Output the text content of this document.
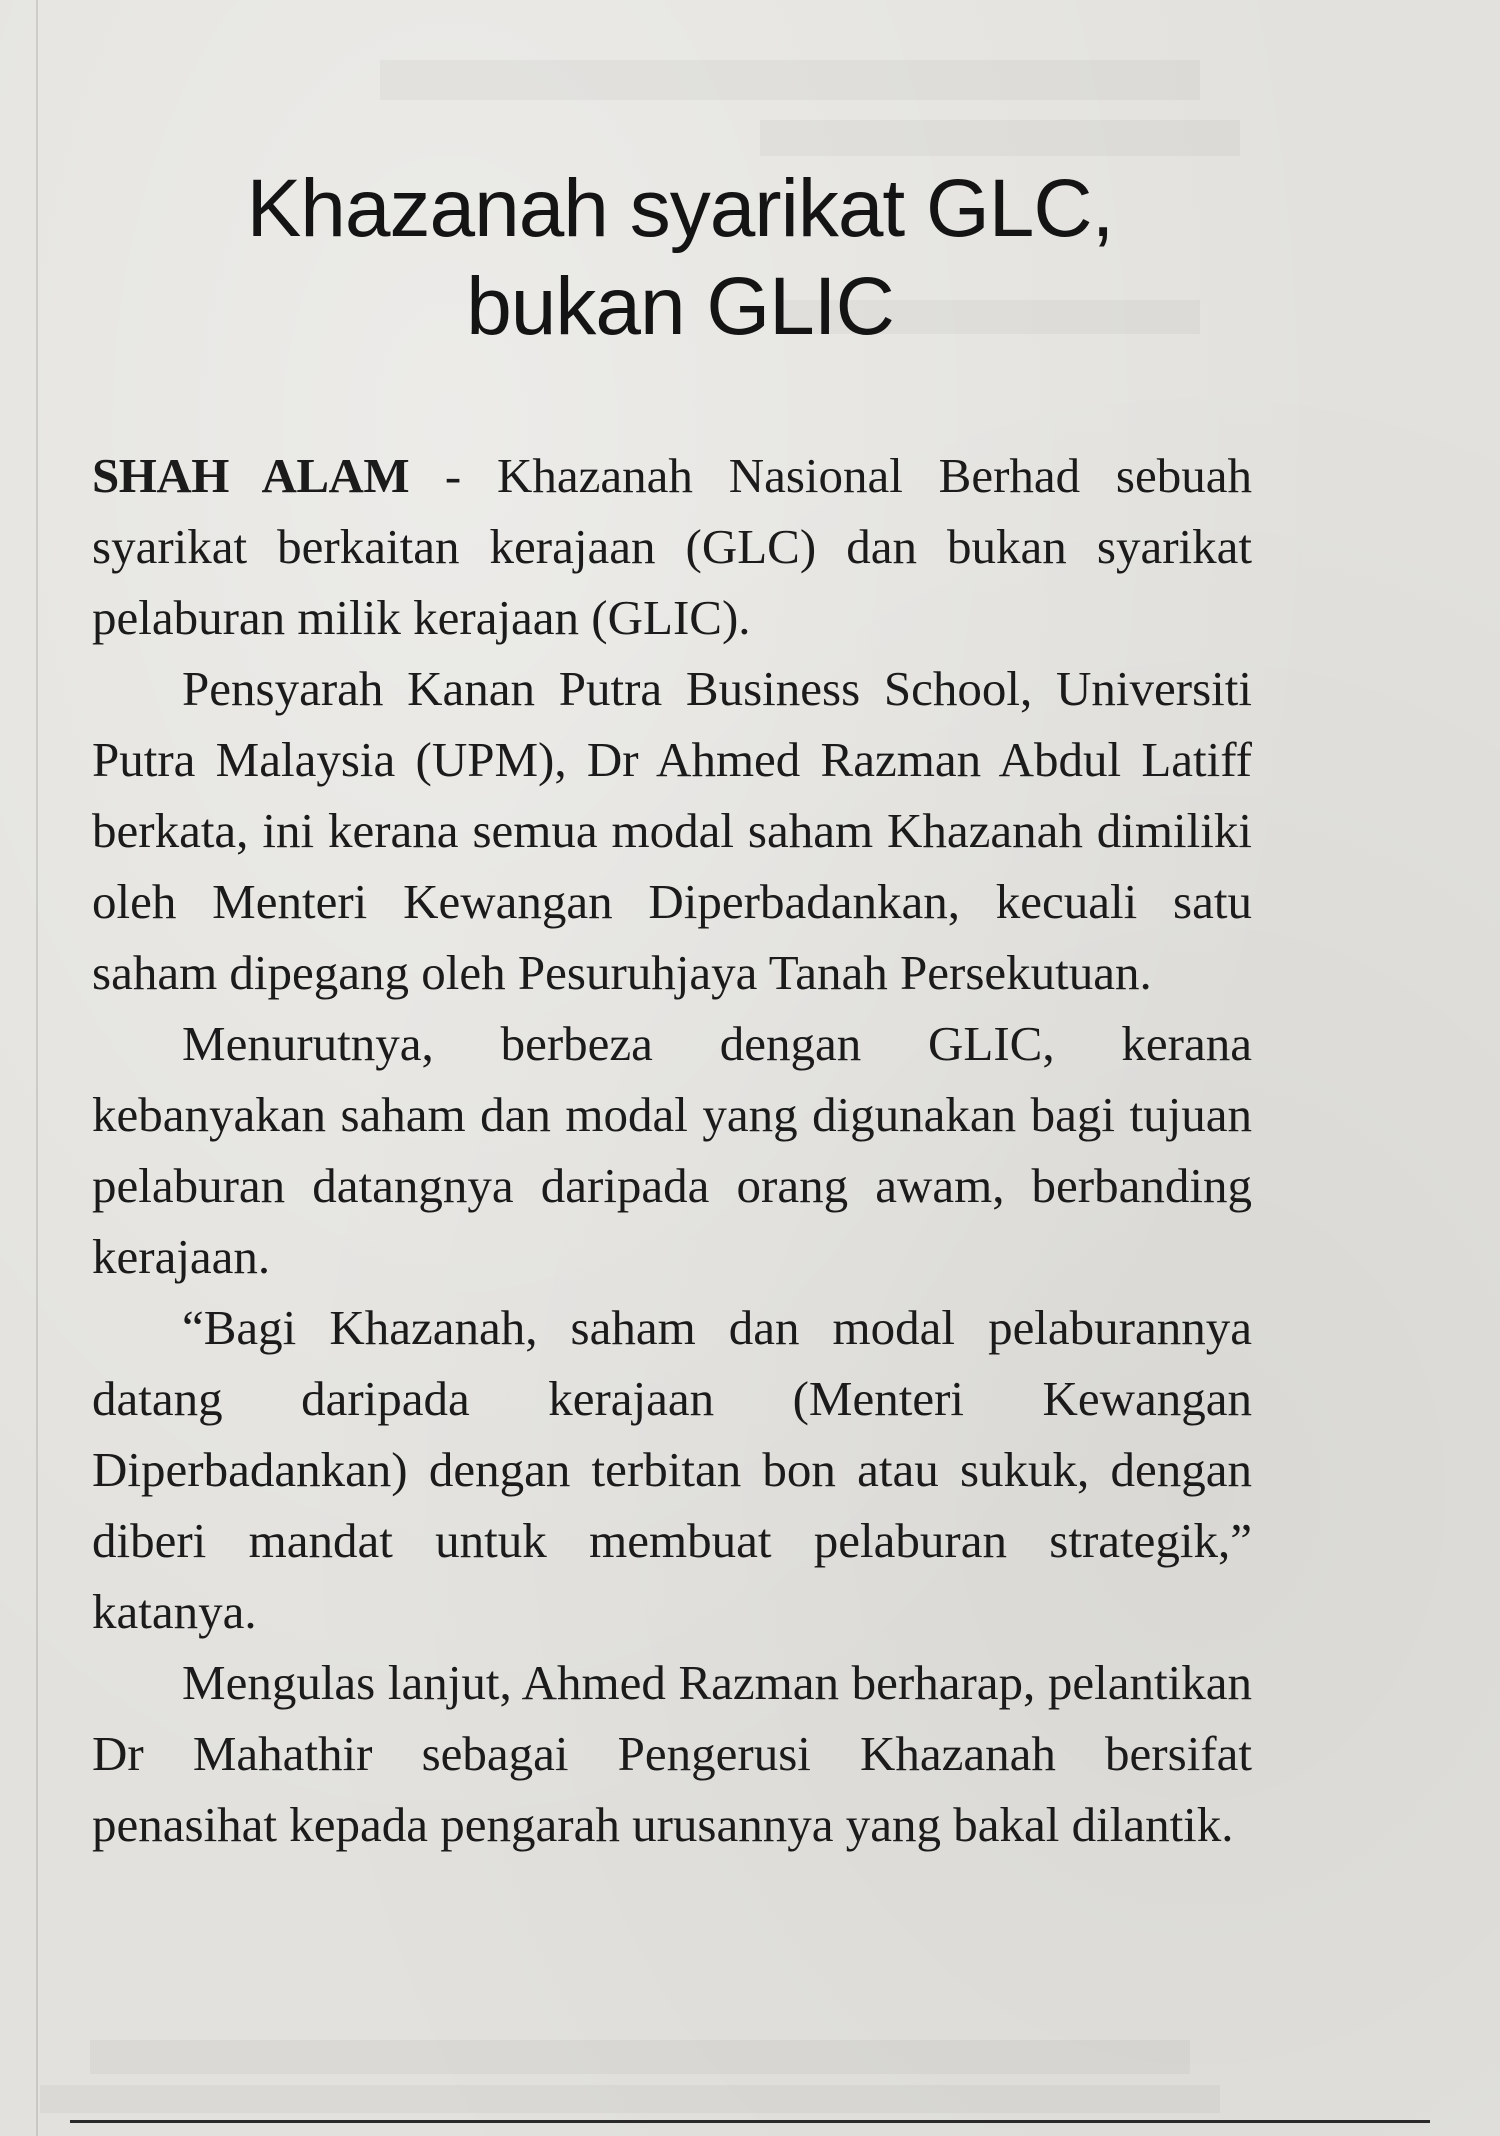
Khazanah syarikat GLC,
bukan GLIC

SHAH ALAM - Khazanah Nasional Berhad sebuah syarikat berkaitan kerajaan (GLC) dan bukan syarikat pelaburan milik kerajaan (GLIC).

Pensyarah Kanan Putra Business School, Universiti Putra Malaysia (UPM), Dr Ahmed Razman Abdul Latiff berkata, ini kerana semua modal saham Khazanah dimiliki oleh Menteri Kewangan Diperbadankan, kecuali satu saham dipegang oleh Pesuruhjaya Tanah Persekutuan.

Menurutnya, berbeza dengan GLIC, kerana kebanyakan saham dan modal yang digunakan bagi tujuan pelaburan datangnya daripada orang awam, berbanding kerajaan.

“Bagi Khazanah, saham dan modal pelaburannya datang daripada kerajaan (Menteri Kewangan Diperbadankan) dengan terbitan bon atau sukuk, dengan diberi mandat untuk membuat pelaburan strategik,” katanya.

Mengulas lanjut, Ahmed Razman berharap, pelantikan Dr Mahathir sebagai Pengerusi Khazanah bersifat penasihat kepada pengarah urusannya yang bakal dilantik.
